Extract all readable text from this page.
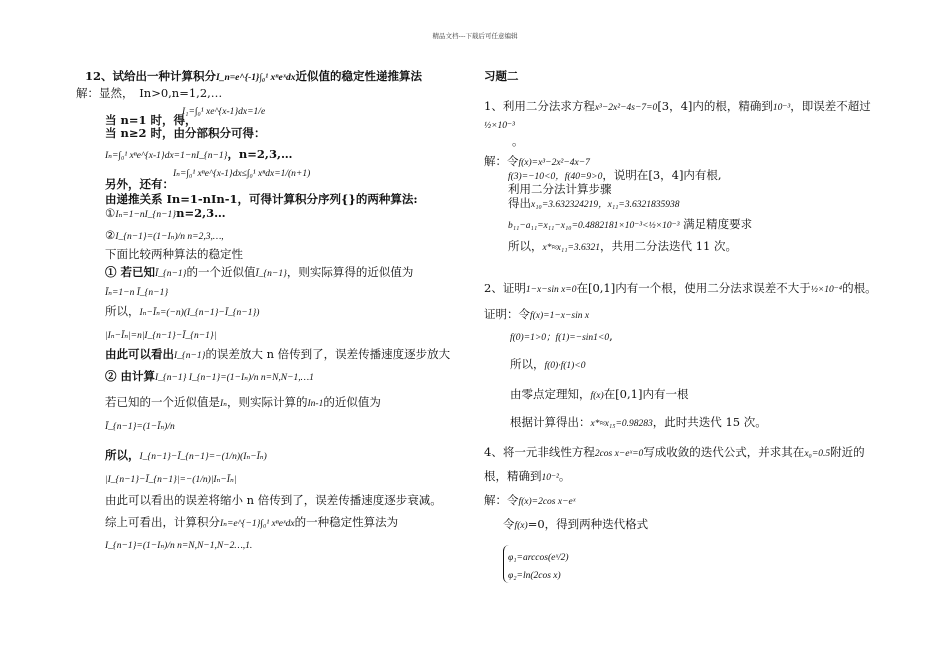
精品文档---下载后可任意编辑
12、试给出一种计算积分I_n=e^{-1}∫₀¹ xⁿeˣdx近似值的稳定性递推算法
解：显然，　In>0,n=1,2,…
I₁=∫₀¹ xe^{x-1}dx=1/e
当 n=1 时，得，
当 n≥2 时，由分部积分可得：
Iₙ=∫₀¹ xⁿe^{x-1}dx=1−nI_{n−1}，n=2,3,…
Iₙ=∫₀¹ xⁿe^{x-1}dx≤∫₀¹ xⁿdx=1/(n+1)
另外，还有：
由递推关系 In=1-nIn-1，可得计算积分序列{}的两种算法:
①Iₙ=1−nI_{n−1}n=2,3…
②I_{n−1}=(1−Iₙ)/n n=2,3,…,
下面比较两种算法的稳定性
① 若已知Ī_{n−1}的一个近似值Ī_{n−1}，则实际算得的近似值为
Īₙ=1−n Ī_{n−1}
所以，Iₙ−Īₙ=(−n)(I_{n−1}−Ī_{n−1})
|Iₙ−Īₙ|=n|I_{n−1}−Ī_{n−1}|
由此可以看出I_{n−1}的误差放大 n 倍传到了，误差传播速度逐步放大
② 由计算I_{n−1} I_{n−1}=(1−Iₙ)/n n=N,N−1,…1
若已知的一个近似值是Iₙ，则实际计算的In-1的近似值为
Ī_{n−1}=(1−Īₙ)/n
所以，I_{n−1}−Ī_{n−1}=−(1/n)(Iₙ−Īₙ)
|I_{n−1}−Ī_{n−1}|=−(1/n)|Iₙ−Īₙ|
由此可以看出的误差将缩小 n 倍传到了，误差传播速度逐步衰减。
综上可看出，计算积分Iₙ=e^{−1}∫₀¹ xⁿeˣdx的一种稳定性算法为
I_{n−1}=(1−Iₙ)/n n=N,N−1,N−2…,1.
习题二
1、利用二分法求方程x³−2x²−4s−7=0[3，4]内的根，精确到10⁻³，即误差不超过
½×10⁻³
。
解：令f(x)=x³−2x²−4x−7
f(3)=−10<0，f(40=9>0，说明在[3，4]内有根,
利用二分法计算步骤
得出x₁₀=3.632324219，x₁₁=3.6321835938
b₁₁−a₁₁=x₁₁−x₁₀=0.4882181×10⁻³<½×10⁻³ 满足精度要求
所以，x*≈x₁₁=3.6321，共用二分法迭代 11 次。
2、证明1−x−sin x=0在[0,1]内有一个根，使用二分法求误差不大于½×10⁻⁴的根。
证明：令f(x)=1−x−sin x
f(0)=1>0；f(1)=−sin1<0,
所以，f(0)·f(1)<0
由零点定理知，f(x)在[0,1]内有一根
根据计算得出：x*≈x₁₅=0.98283，此时共迭代 15 次。
4、将一元非线性方程2cos x−eˣ=0写成收敛的迭代公式，并求其在x₀=0.5附近的
根，精确到10⁻²。
解：令f(x)=2cos x−eˣ
令f(x)=0，得到两种迭代格式
φ₁=arccos(eˣ/2)
φ₂=ln(2cos x)
